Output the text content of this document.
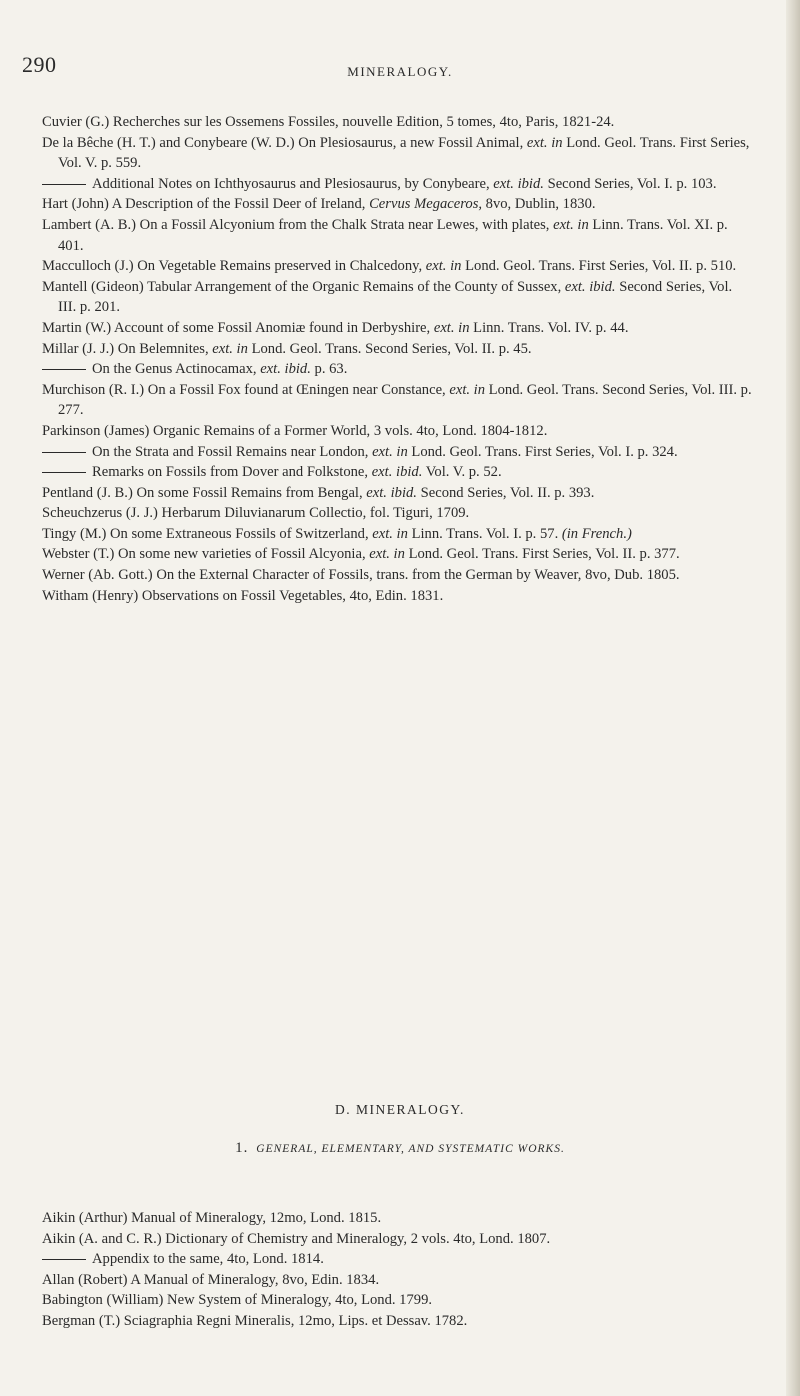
290	MINERALOGY.
Cuvier (G.) Recherches sur les Ossemens Fossiles, nouvelle Edition, 5 tomes, 4to, Paris, 1821-24.
De la Bêche (H. T.) and Conybeare (W. D.) On Plesiosaurus, a new Fossil Animal, ext. in Lond. Geol. Trans. First Series, Vol. V. p. 559.
Additional Notes on Ichthyosaurus and Plesiosaurus, by Conybeare, ext. ibid. Second Series, Vol. I. p. 103.
Hart (John) A Description of the Fossil Deer of Ireland, Cervus Megaceros, 8vo, Dublin, 1830.
Lambert (A. B.) On a Fossil Alcyonium from the Chalk Strata near Lewes, with plates, ext. in Linn. Trans. Vol. XI. p. 401.
Macculloch (J.) On Vegetable Remains preserved in Chalcedony, ext. in Lond. Geol. Trans. First Series, Vol. II. p. 510.
Mantell (Gideon) Tabular Arrangement of the Organic Remains of the County of Sussex, ext. ibid. Second Series, Vol. III. p. 201.
Martin (W.) Account of some Fossil Anomiæ found in Derbyshire, ext. in Linn. Trans. Vol. IV. p. 44.
Millar (J. J.) On Belemnites, ext. in Lond. Geol. Trans. Second Series, Vol. II. p. 45.
On the Genus Actinocamax, ext. ibid. p. 63.
Murchison (R. I.) On a Fossil Fox found at Œningen near Constance, ext. in Lond. Geol. Trans. Second Series, Vol. III. p. 277.
Parkinson (James) Organic Remains of a Former World, 3 vols. 4to, Lond. 1804-1812.
On the Strata and Fossil Remains near London, ext. in Lond. Geol. Trans. First Series, Vol. I. p. 324.
Remarks on Fossils from Dover and Folkstone, ext. ibid. Vol. V. p. 52.
Pentland (J. B.) On some Fossil Remains from Bengal, ext. ibid. Second Series, Vol. II. p. 393.
Scheuchzerus (J. J.) Herbarum Diluvianarum Collectio, fol. Tiguri, 1709.
Tingy (M.) On some Extraneous Fossils of Switzerland, ext. in Linn. Trans. Vol. I. p. 57. (in French.)
Webster (T.) On some new varieties of Fossil Alcyonia, ext. in Lond. Geol. Trans. First Series, Vol. II. p. 377.
Werner (Ab. Gott.) On the External Character of Fossils, trans. from the German by Weaver, 8vo, Dub. 1805.
Witham (Henry) Observations on Fossil Vegetables, 4to, Edin. 1831.
D. MINERALOGY.
1. GENERAL, ELEMENTARY, AND SYSTEMATIC WORKS.
Aikin (Arthur) Manual of Mineralogy, 12mo, Lond. 1815.
Aikin (A. and C. R.) Dictionary of Chemistry and Mineralogy, 2 vols. 4to, Lond. 1807.
Appendix to the same, 4to, Lond. 1814.
Allan (Robert) A Manual of Mineralogy, 8vo, Edin. 1834.
Babington (William) New System of Mineralogy, 4to, Lond. 1799.
Bergman (T.) Sciagraphia Regni Mineralis, 12mo, Lips. et Dessav. 1782.
